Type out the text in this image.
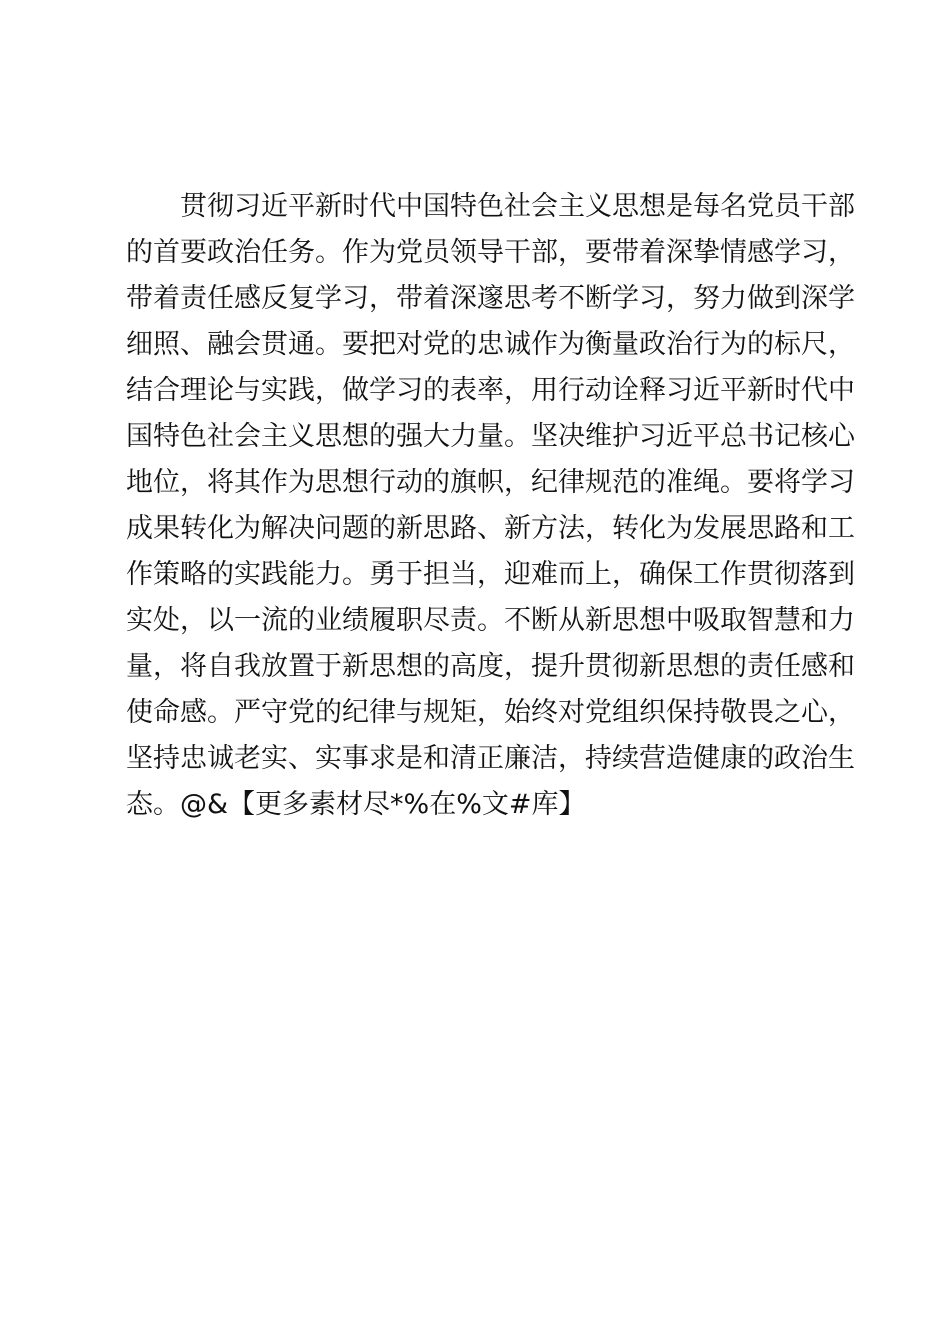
贯彻习近平新时代中国特色社会主义思想是每名党员干部
的首要政治任务。作为党员领导干部，要带着深挚情感学习，
带着责任感反复学习，带着深邃思考不断学习，努力做到深学
细照、融会贯通。要把对党的忠诚作为衡量政治行为的标尺，
结合理论与实践，做学习的表率，用行动诠释习近平新时代中
国特色社会主义思想的强大力量。坚决维护习近平总书记核心
地位，将其作为思想行动的旗帜，纪律规范的准绳。要将学习
成果转化为解决问题的新思路、新方法，转化为发展思路和工
作策略的实践能力。勇于担当，迎难而上，确保工作贯彻落到
实处，以一流的业绩履职尽责。不断从新思想中吸取智慧和力
量，将自我放置于新思想的高度，提升贯彻新思想的责任感和
使命感。严守党的纪律与规矩，始终对党组织保持敬畏之心，
坚持忠诚老实、实事求是和清正廉洁，持续营造健康的政治生
态。@&【更多素材尽*%在%文#库】
